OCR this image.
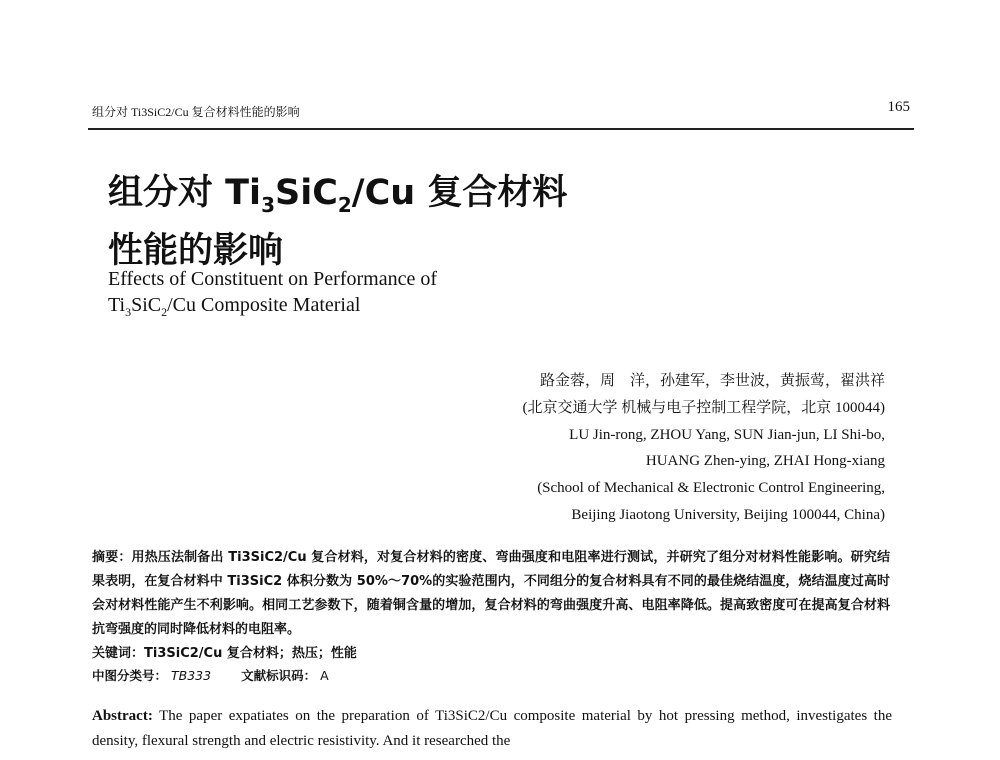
组分对 Ti3SiC2/Cu 复合材料性能的影响	165
组分对 $Ti_3SiC_2/Cu$ 复合材料
性能的影响
Effects of Constituent on Performance of
$Ti_3SiC_2/Cu$ Composite Material
路金蓉，周　洋，孙建军，李世波，黄振莺，翟洪祥
(北京交通大学 机械与电子控制工程学院，北京 100044)
LU Jin-rong, ZHOU Yang, SUN Jian-jun, LI Shi-bo,
HUANG Zhen-ying, ZHAI Hong-xiang
(School of Mechanical & Electronic Control Engineering,
Beijing Jiaotong University, Beijing 100044, China)
摘要：用热压法制备出 Ti3SiC2/Cu 复合材料，对复合材料的密度、弯曲强度和电阻率进行测试，并研究了组分对材料性能影响。研究结果表明，在复合材料中 Ti3SiC2 体积分数为 50%～70%的实验范围内，不同组分的复合材料具有不同的最佳烧结温度，烧结温度过高时会对材料性能产生不利影响。相同工艺参数下，随着铜含量的增加，复合材料的弯曲强度升高、电阻率降低。提高致密度可在提高复合材料抗弯强度的同时降低材料的电阻率。
关键词：Ti3SiC2/Cu 复合材料；热压；性能
中图分类号： TB333 文献标识码： A
Abstract: The paper expatiates on the preparation of Ti3SiC2/Cu composite material by hot pressing method, investigates the density, flexural strength and electric resistivity. And it researched the
